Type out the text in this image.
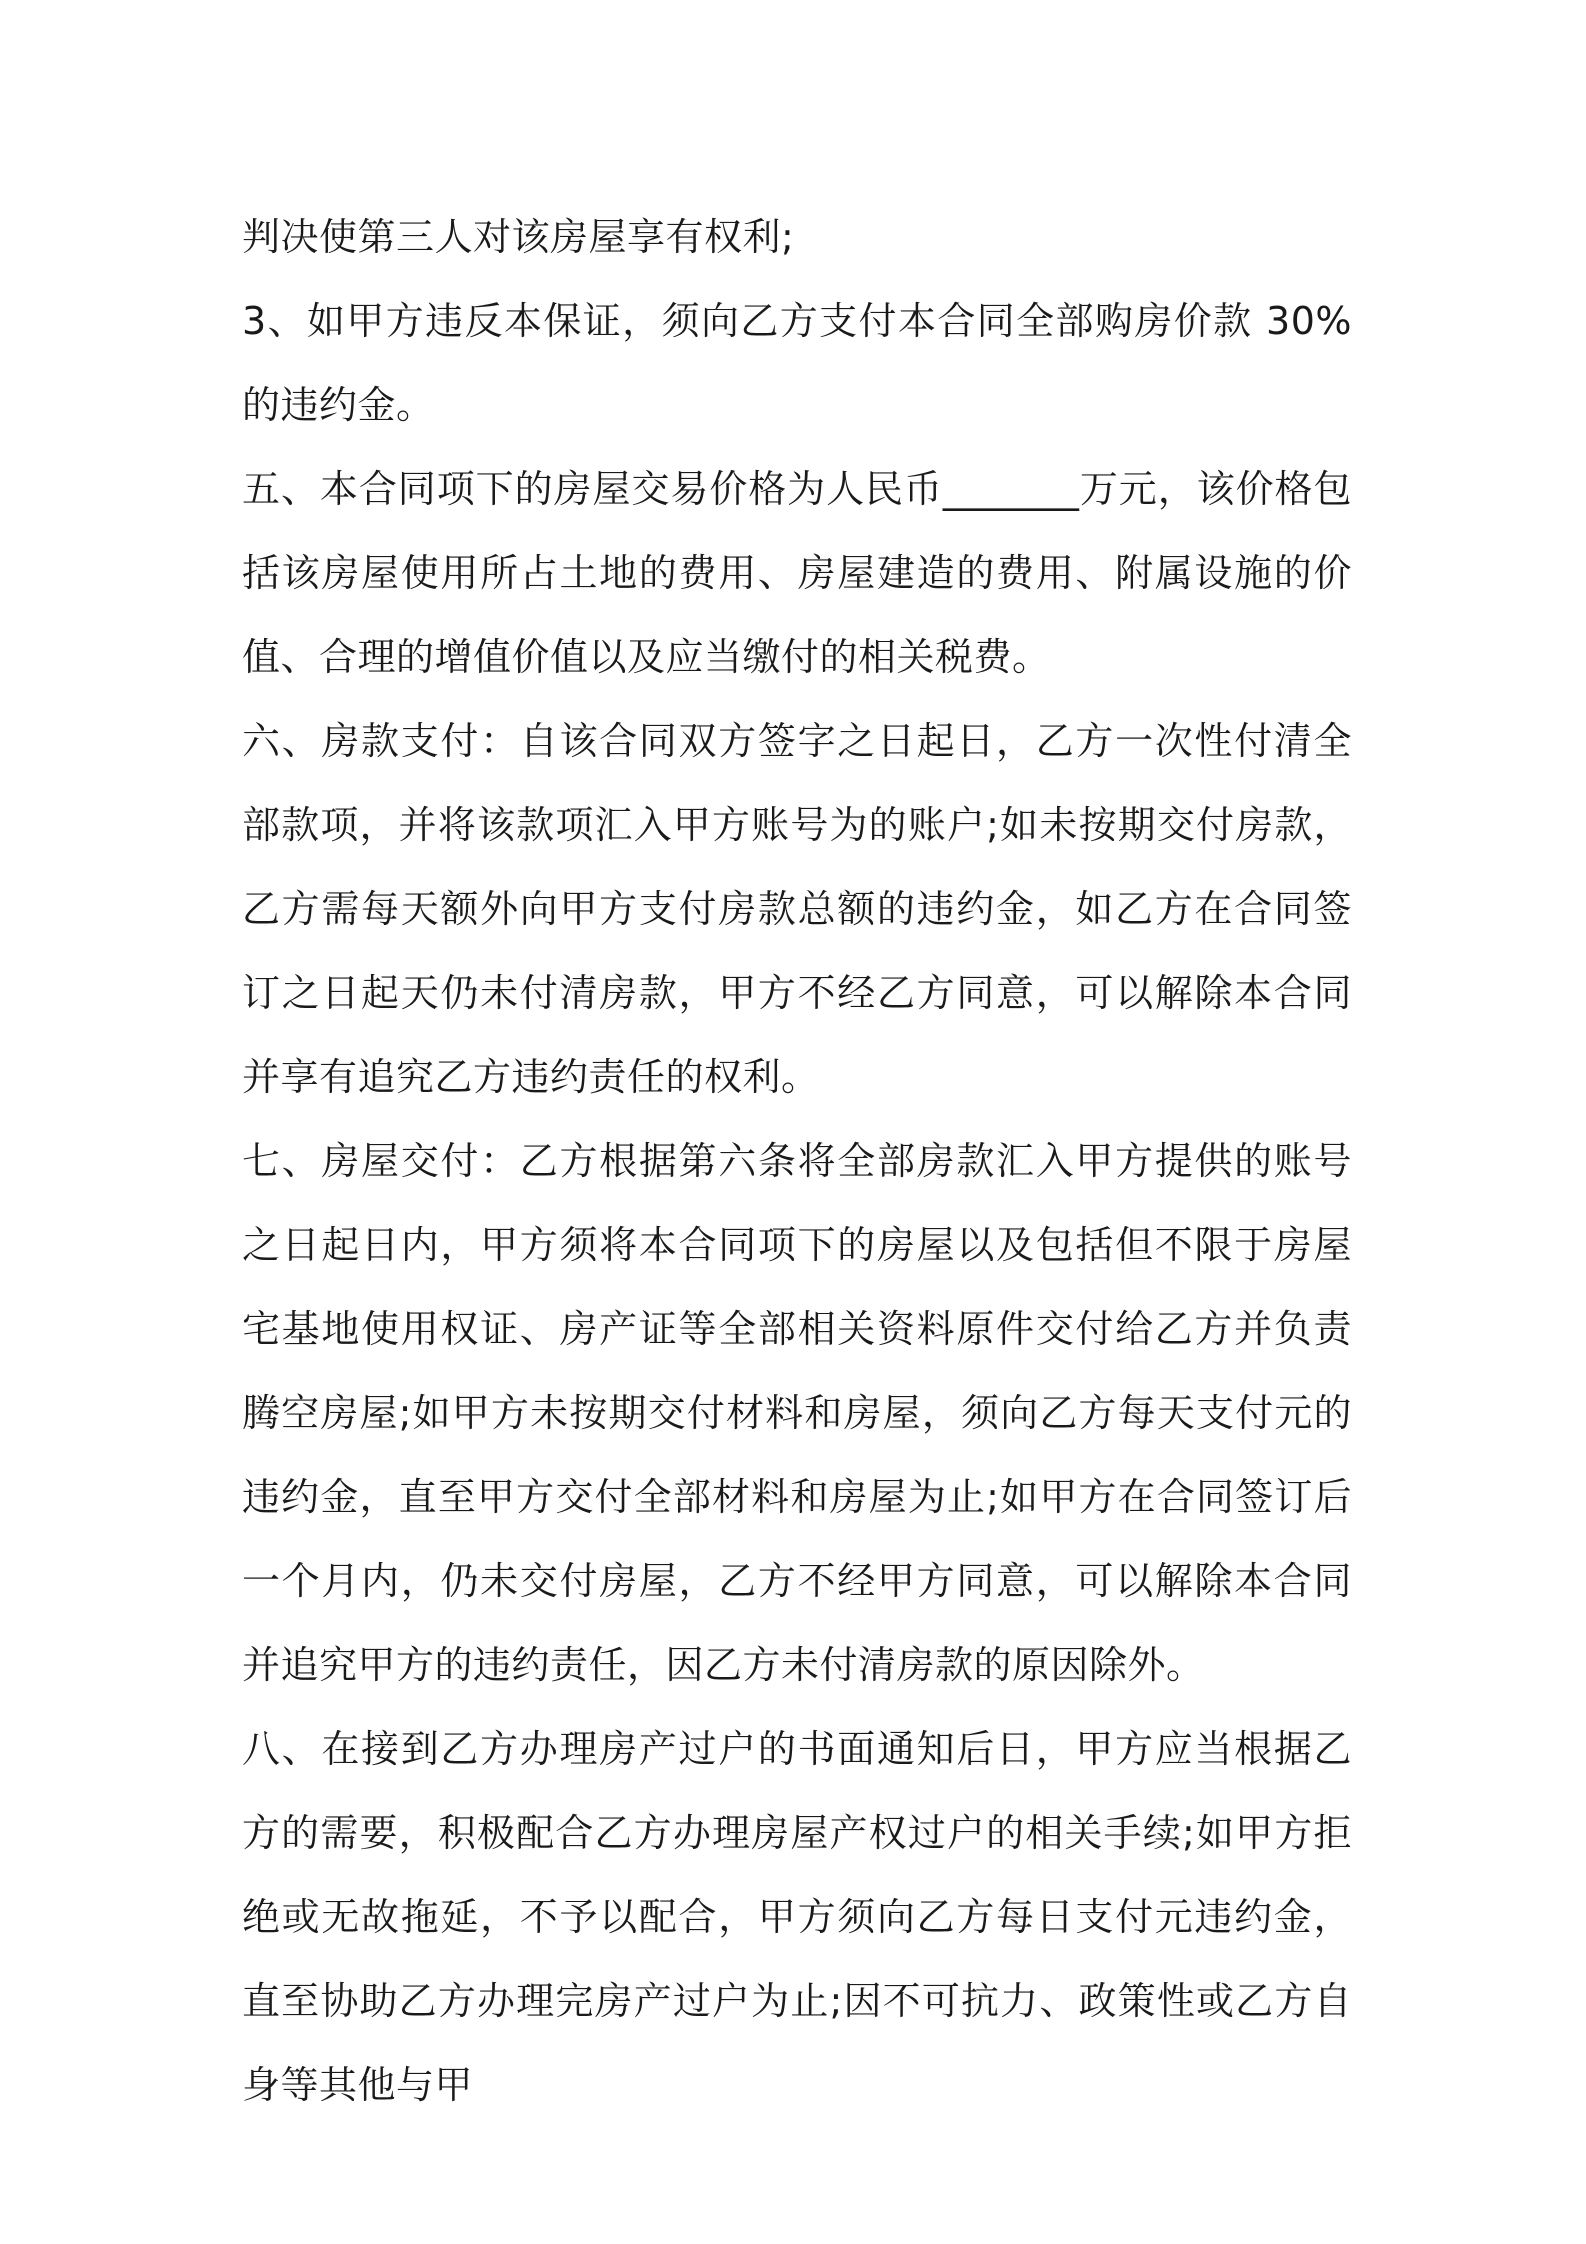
判决使第三人对该房屋享有权利;

3、如甲方违反本保证，须向乙方支付本合同全部购房价款 30%的违约金。

五、本合同项下的房屋交易价格为人民币_______万元，该价格包括该房屋使用所占土地的费用、房屋建造的费用、附属设施的价值、合理的增值价值以及应当缴付的相关税费。

六、房款支付：自该合同双方签字之日起日，乙方一次性付清全部款项，并将该款项汇入甲方账号为的账户;如未按期交付房款，乙方需每天额外向甲方支付房款总额的违约金，如乙方在合同签订之日起天仍未付清房款，甲方不经乙方同意，可以解除本合同并享有追究乙方违约责任的权利。

七、房屋交付：乙方根据第六条将全部房款汇入甲方提供的账号之日起日内，甲方须将本合同项下的房屋以及包括但不限于房屋宅基地使用权证、房产证等全部相关资料原件交付给乙方并负责腾空房屋;如甲方未按期交付材料和房屋，须向乙方每天支付元的违约金，直至甲方交付全部材料和房屋为止;如甲方在合同签订后一个月内，仍未交付房屋，乙方不经甲方同意，可以解除本合同并追究甲方的违约责任，因乙方未付清房款的原因除外。

八、在接到乙方办理房产过户的书面通知后日，甲方应当根据乙方的需要，积极配合乙方办理房屋产权过户的相关手续;如甲方拒绝或无故拖延，不予以配合，甲方须向乙方每日支付元违约金，直至协助乙方办理完房产过户为止;因不可抗力、政策性或乙方自身等其他与甲
